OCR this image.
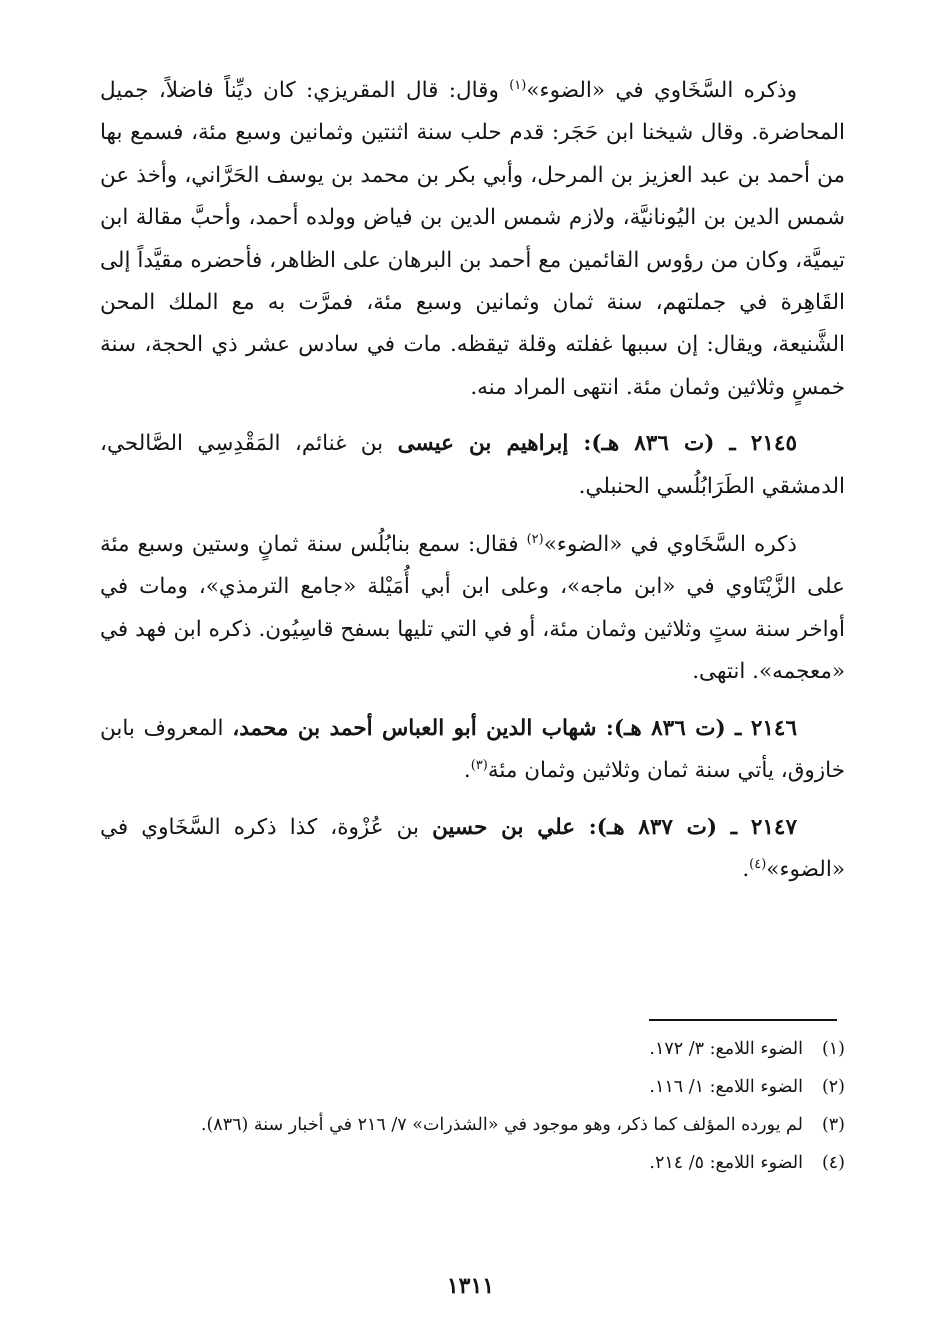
وذكره السَّخَاوي في «الضوء»$^{(١)}$ وقال: قال المقريزي: كان ديِّناً فاضلاً، جميل المحاضرة. وقال شيخنا ابن حَجَر: قدم حلب سنة اثنتين وثمانين وسبع مئة، فسمع بها من أحمد بن عبد العزيز بن المرحل، وأبي بكر بن محمد بن يوسف الحَرَّاني، وأخذ عن شمس الدين بن اليُونانيَّة، ولازم شمس الدين بن فياض وولده أحمد، وأحبَّ مقالة ابن تيميَّة، وكان من رؤوس القائمين مع أحمد بن البرهان على الظاهر، فأحضره مقيَّداً إلى القَاهِرة في جملتهم، سنة ثمان وثمانين وسبع مئة، فمرَّت به مع الملك المحن الشَّنيعة، ويقال: إن سببها غفلته وقلة تيقظه. مات في سادس عشر ذي الحجة، سنة خمسٍ وثلاثين وثمان مئة. انتهى المراد منه.

٢١٤٥ ـ (ت ٨٣٦ هـ): إبراهيم بن عيسى بن غنائم، المَقْدِسِي الصَّالحي، الدمشقي الطَرَابُلُسي الحنبلي.

ذكره السَّخَاوي في «الضوء»$^{(٢)}$ فقال: سمع بنابُلُس سنة ثمانٍ وستين وسبع مئة على الزَّيْتَاوي في «ابن ماجه»، وعلى ابن أبي أُمَيْلة «جامع الترمذي»، ومات في أواخر سنة ستٍ وثلاثين وثمان مئة، أو في التي تليها بسفح قاسِيُون. ذكره ابن فهد في «معجمه». انتهى.

٢١٤٦ ـ (ت ٨٣٦ هـ): شهاب الدين أبو العباس أحمد بن محمد، المعروف بابن خازوق، يأتي سنة ثمان وثلاثين وثمان مئة$^{(٣)}$.

٢١٤٧ ـ (ت ٨٣٧ هـ): علي بن حسين بن عُزْوة، كذا ذكره السَّخَاوي في «الضوء»$^{(٤)}$.

(١)
الضوء اللامع: ٣/ ١٧٢.
(٢)
الضوء اللامع: ١/ ١١٦.
(٣)
لم يورده المؤلف كما ذكر، وهو موجود في «الشذرات» ٧/ ٢١٦ في أخبار سنة (٨٣٦).
(٤)
الضوء اللامع: ٥/ ٢١٤.
١٣١١
